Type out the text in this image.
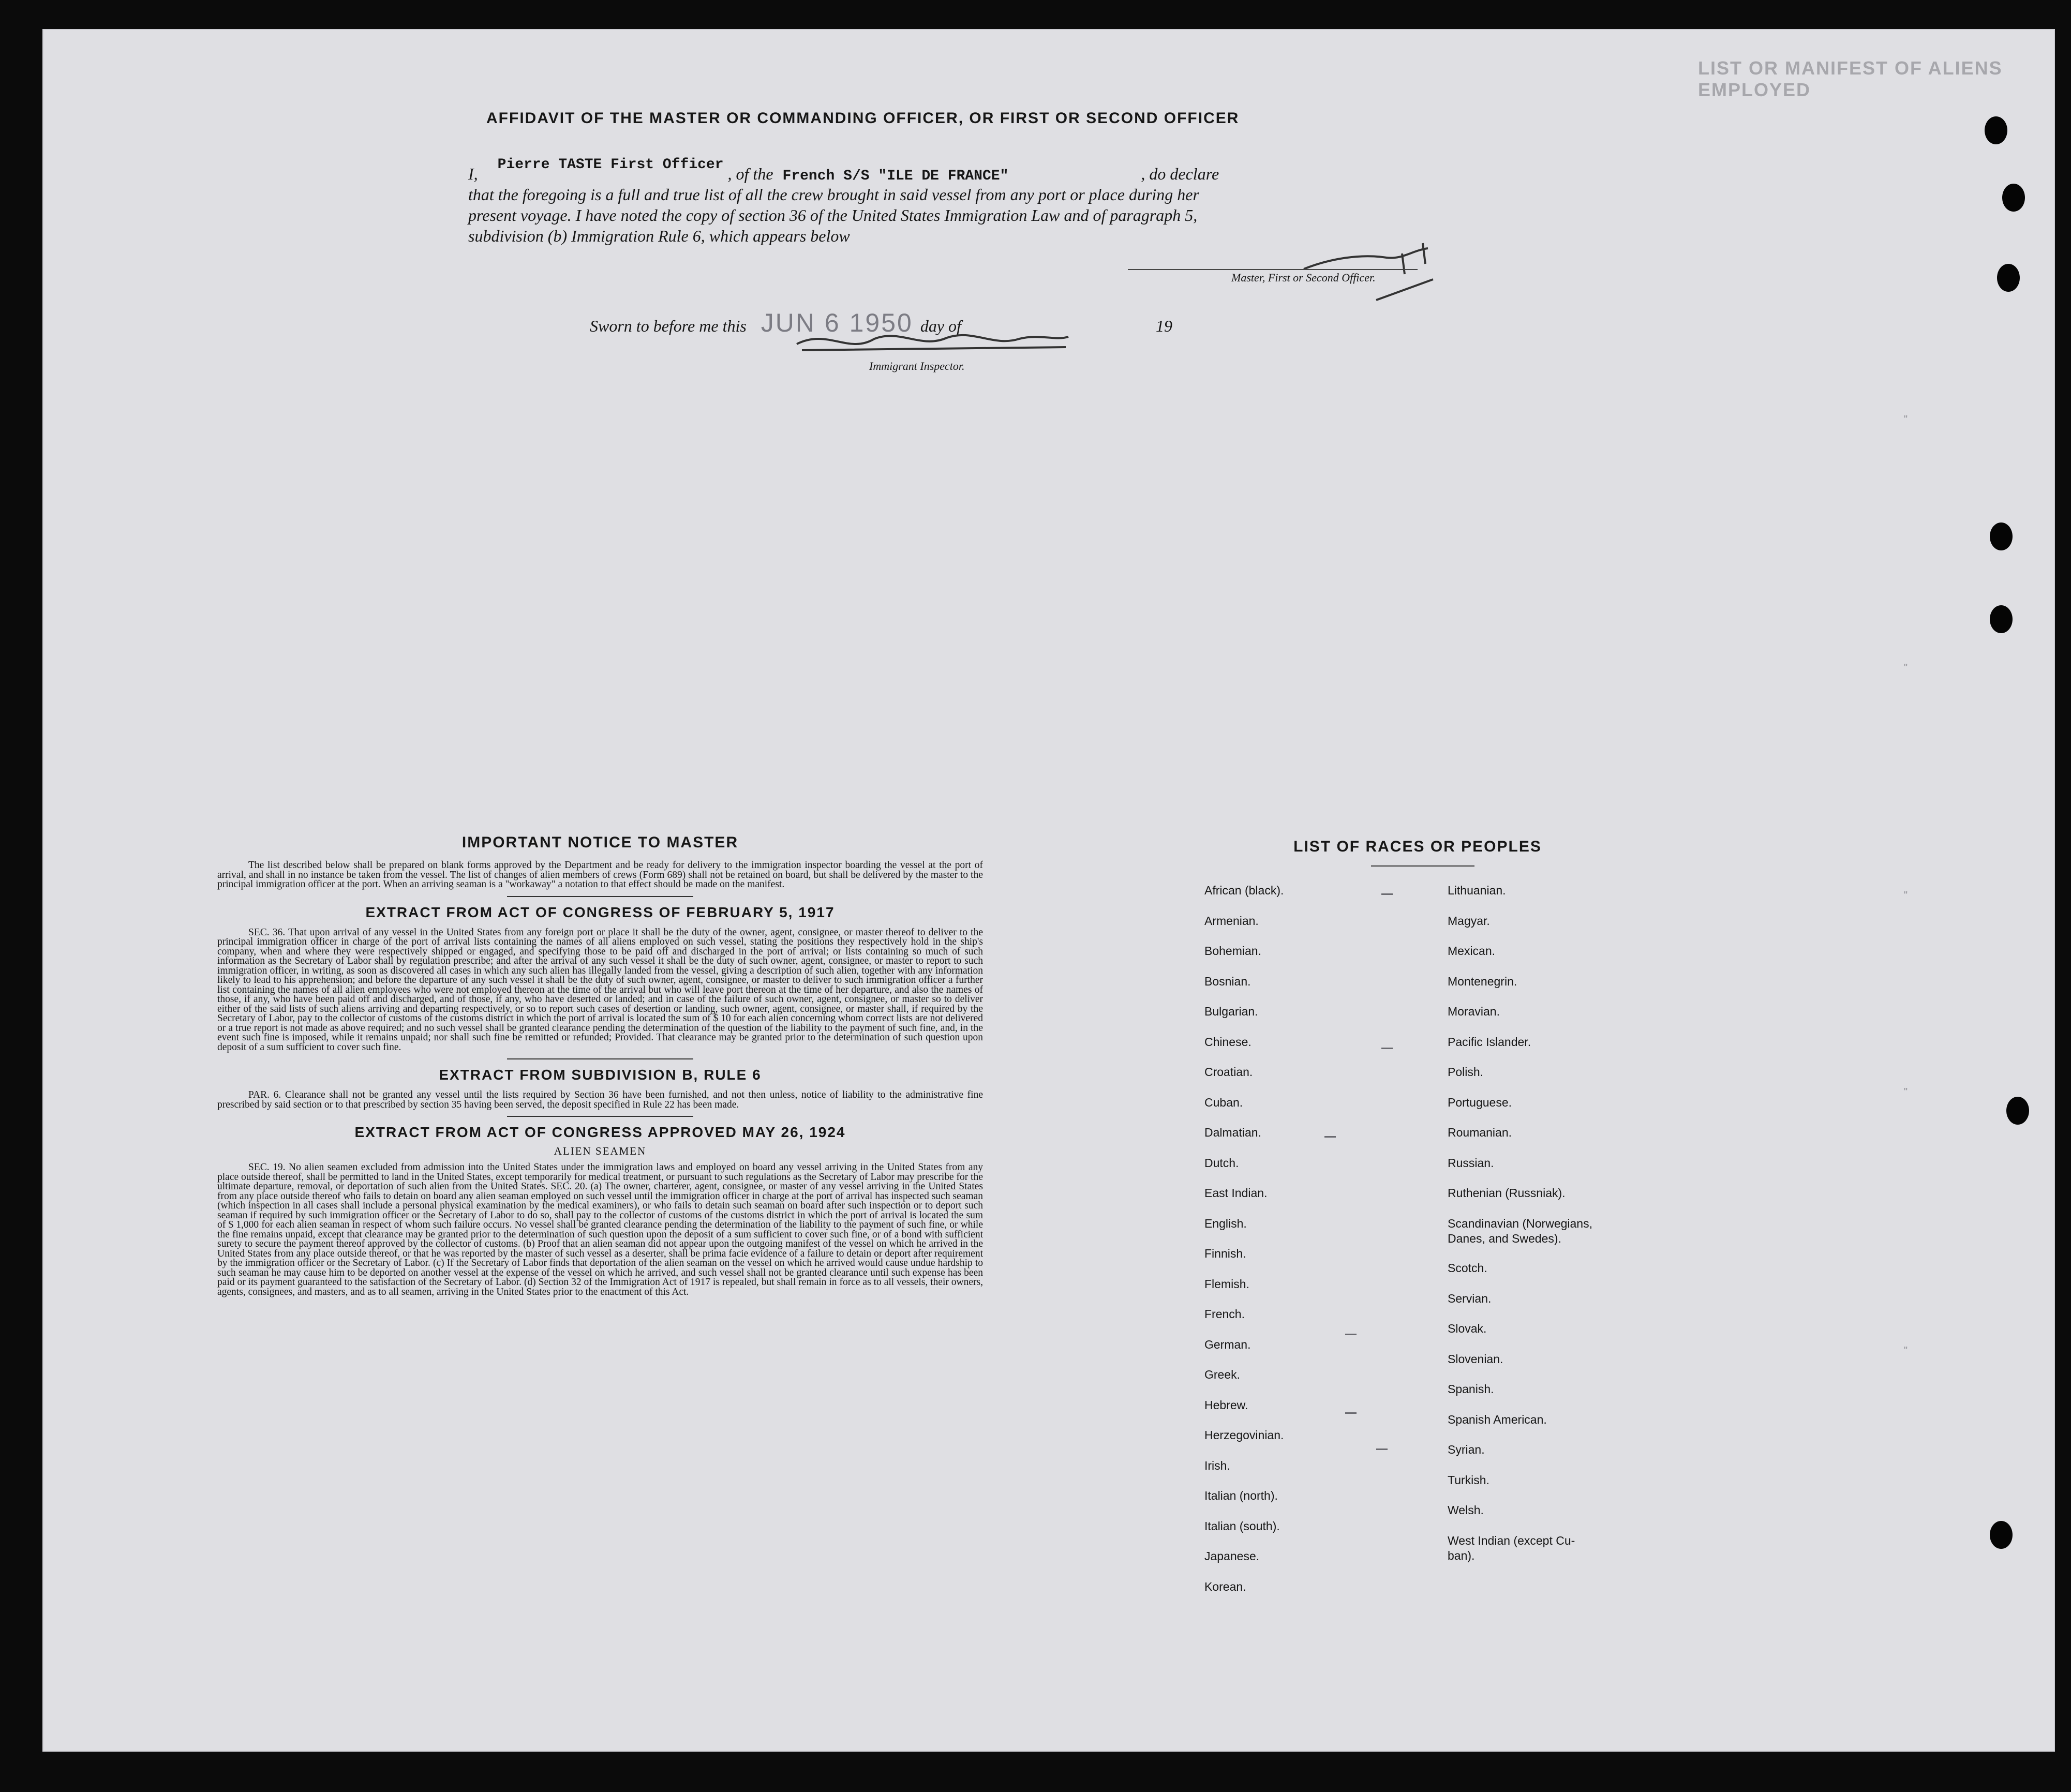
LIST OR MANIFEST OF ALIENS EMPLOYED
"
"
"
"
"
AFFIDAVIT OF THE MASTER OR COMMANDING OFFICER, OR FIRST OR SECOND OFFICER
I, Pierre TASTE First Officer , of the French S/S "ILE DE FRANCE"	, do declare
that the foregoing is a full and true list of all the crew brought in said vessel from any port or place during her
present voyage. I have noted the copy of section 36 of the United States Immigration Law and of paragraph 5,
subdivision (b) Immigration Rule 6, which appears below
Master, First or Second Officer.
Sworn to before me this JUN 6 1950 day of	19
Immigrant Inspector.
IMPORTANT NOTICE TO MASTER

The list described below shall be prepared on blank forms approved by the Department and be ready for delivery to the immigration inspector boarding the vessel at the port of arrival, and shall in no instance be taken from the vessel. The list of changes of alien members of crews (Form 689) shall not be retained on board, but shall be delivered by the master to the principal immigration officer at the port. When an arriving seaman is a "workaway" a notation to that effect should be made on the manifest.

EXTRACT FROM ACT OF CONGRESS OF FEBRUARY 5, 1917

SEC. 36. That upon arrival of any vessel in the United States from any foreign port or place it shall be the duty of the owner, agent, consignee, or master thereof to deliver to the principal immigration officer in charge of the port of arrival lists containing the names of all aliens employed on such vessel, stating the positions they respectively hold in the ship's company, when and where they were respectively shipped or engaged, and specifying those to be paid off and discharged in the port of arrival; or lists containing so much of such information as the Secretary of Labor shall by regulation prescribe; and after the arrival of any such vessel it shall be the duty of such owner, agent, consignee, or master to report to such immigration officer, in writing, as soon as discovered all cases in which any such alien has illegally landed from the vessel, giving a description of such alien, together with any information likely to lead to his apprehension; and before the departure of any such vessel it shall be the duty of such owner, agent, consignee, or master to deliver to such immigration officer a further list containing the names of all alien employees who were not employed thereon at the time of the arrival but who will leave port thereon at the time of her departure, and also the names of those, if any, who have been paid off and discharged, and of those, if any, who have deserted or landed; and in case of the failure of such owner, agent, consignee, or master so to deliver either of the said lists of such aliens arriving and departing respectively, or so to report such cases of desertion or landing, such owner, agent, consignee, or master shall, if required by the Secretary of Labor, pay to the collector of customs of the customs district in which the port of arrival is located the sum of $ 10 for each alien concerning whom correct lists are not delivered or a true report is not made as above required; and no such vessel shall be granted clearance pending the determination of the question of the liability to the payment of such fine, and, in the event such fine is imposed, while it remains unpaid; nor shall such fine be remitted or refunded; Provided. That clearance may be granted prior to the determination of such question upon deposit of a sum sufficient to cover such fine.

EXTRACT FROM SUBDIVISION B, RULE 6

PAR. 6. Clearance shall not be granted any vessel until the lists required by Section 36 have been furnished, and not then unless, notice of liability to the administrative fine prescribed by said section or to that prescribed by section 35 having been served, the deposit specified in Rule 22 has been made.

EXTRACT FROM ACT OF CONGRESS APPROVED MAY 26, 1924
ALIEN SEAMEN

SEC. 19. No alien seamen excluded from admission into the United States under the immigration laws and employed on board any vessel arriving in the United States from any place outside thereof, shall be permitted to land in the United States, except temporarily for medical treatment, or pursuant to such regulations as the Secretary of Labor may prescribe for the ultimate departure, removal, or deportation of such alien from the United States. SEC. 20. (a) The owner, charterer, agent, consignee, or master of any vessel arriving in the United States from any place outside thereof who fails to detain on board any alien seaman employed on such vessel until the immigration officer in charge at the port of arrival has inspected such seaman (which inspection in all cases shall include a personal physical examination by the medical examiners), or who fails to detain such seaman on board after such inspection or to deport such seaman if required by such immigration officer or the Secretary of Labor to do so, shall pay to the collector of customs of the customs district in which the port of arrival is located the sum of $ 1,000 for each alien seaman in respect of whom such failure occurs. No vessel shall be granted clearance pending the determination of the liability to the payment of such fine, or while the fine remains unpaid, except that clearance may be granted prior to the determination of such question upon the deposit of a sum sufficient to cover such fine, or of a bond with sufficient surety to secure the payment thereof approved by the collector of customs. (b) Proof that an alien seaman did not appear upon the outgoing manifest of the vessel on which he arrived in the United States from any place outside thereof, or that he was reported by the master of such vessel as a deserter, shall be prima facie evidence of a failure to detain or deport after requirement by the immigration officer or the Secretary of Labor. (c) If the Secretary of Labor finds that deportation of the alien seaman on the vessel on which he arrived would cause undue hardship to such seaman he may cause him to be deported on another vessel at the expense of the vessel on which he arrived, and such vessel shall not be granted clearance until such expense has been paid or its payment guaranteed to the satisfaction of the Secretary of Labor. (d) Section 32 of the Immigration Act of 1917 is repealed, but shall remain in force as to all vessels, their owners, agents, consignees, and masters, and as to all seamen, arriving in the United States prior to the enactment of this Act.

LIST OF RACES OR PEOPLES
African (black).
Armenian.
Bohemian.
Bosnian.
Bulgarian.
Chinese.
Croatian.
Cuban.
Dalmatian.
Dutch.
East Indian.
English.
Finnish.
Flemish.
French.
German.
Greek.
Hebrew.
Herzegovinian.
Irish.
Italian (north).
Italian (south).
Japanese.
Korean.
Lithuanian.
Magyar.
Mexican.
Montenegrin.
Moravian.
Pacific Islander.
Polish.
Portuguese.
Roumanian.
Russian.
Ruthenian (Russniak).
Scandinavian (Norwegians,
Danes, and Swedes).
Scotch.
Servian.
Slovak.
Slovenian.
Spanish.
Spanish American.
Syrian.
Turkish.
Welsh.
West Indian (except Cu-
ban).
